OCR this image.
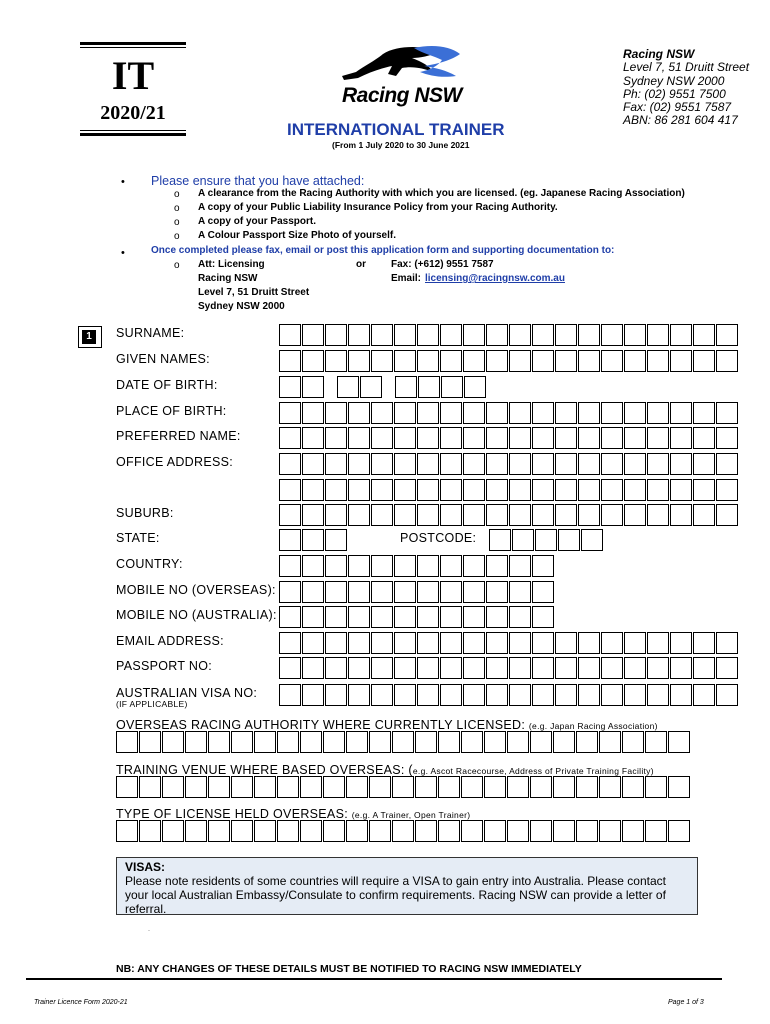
IT
2020/21
Racing NSW
Racing NSW
Level 7, 51 Druitt Street
Sydney NSW 2000
Ph: (02) 9551 7500
Fax: (02) 9551 7587
ABN: 86 281 604 417
INTERNATIONAL TRAINER
(From 1 July 2020 to 30 June 2021
• Please ensure that you have attached:
o A clearance from the Racing Authority with which you are licensed. (eg. Japanese Racing Association)
o A copy of your Public Liability Insurance Policy from your Racing Authority.
o A copy of your Passport.
o A Colour Passport Size Photo of yourself.
•	Once completed please fax, email or post this application form and supporting documentation to:
o Att: Licensing
Racing NSW
Level 7, 51 Druitt Street
Sydney NSW 2000
or	Fax: (+612) 9551 7587
Email: licensing@racingnsw.com.au
1	SURNAME:
GIVEN NAMES:
DATE OF BIRTH:
PLACE OF BIRTH:
PREFERRED NAME:
OFFICE ADDRESS:
SUBURB:
STATE:	POSTCODE:
COUNTRY:
MOBILE NO (OVERSEAS):
MOBILE NO (AUSTRALIA):
EMAIL ADDRESS:
PASSPORT NO:
AUSTRALIAN VISA NO:
(IF APPLICABLE)
OVERSEAS RACING AUTHORITY WHERE CURRENTLY LICENSED: (e.g. Japan Racing Association)
TRAINING VENUE WHERE BASED OVERSEAS: (e.g. Ascot Racecourse, Address of Private Training Facility)
TYPE OF LICENSE HELD OVERSEAS: (e.g. A Trainer, Open Trainer)
VISAS:
Please note residents of some countries will require a VISA to gain entry into Australia. Please contact your local Australian Embassy/Consulate to confirm requirements. Racing NSW can provide a letter of referral.
·
NB: ANY CHANGES OF THESE DETAILS MUST BE NOTIFIED TO RACING NSW IMMEDIATELY
Trainer Licence Form 2020-21	Page 1 of 3
